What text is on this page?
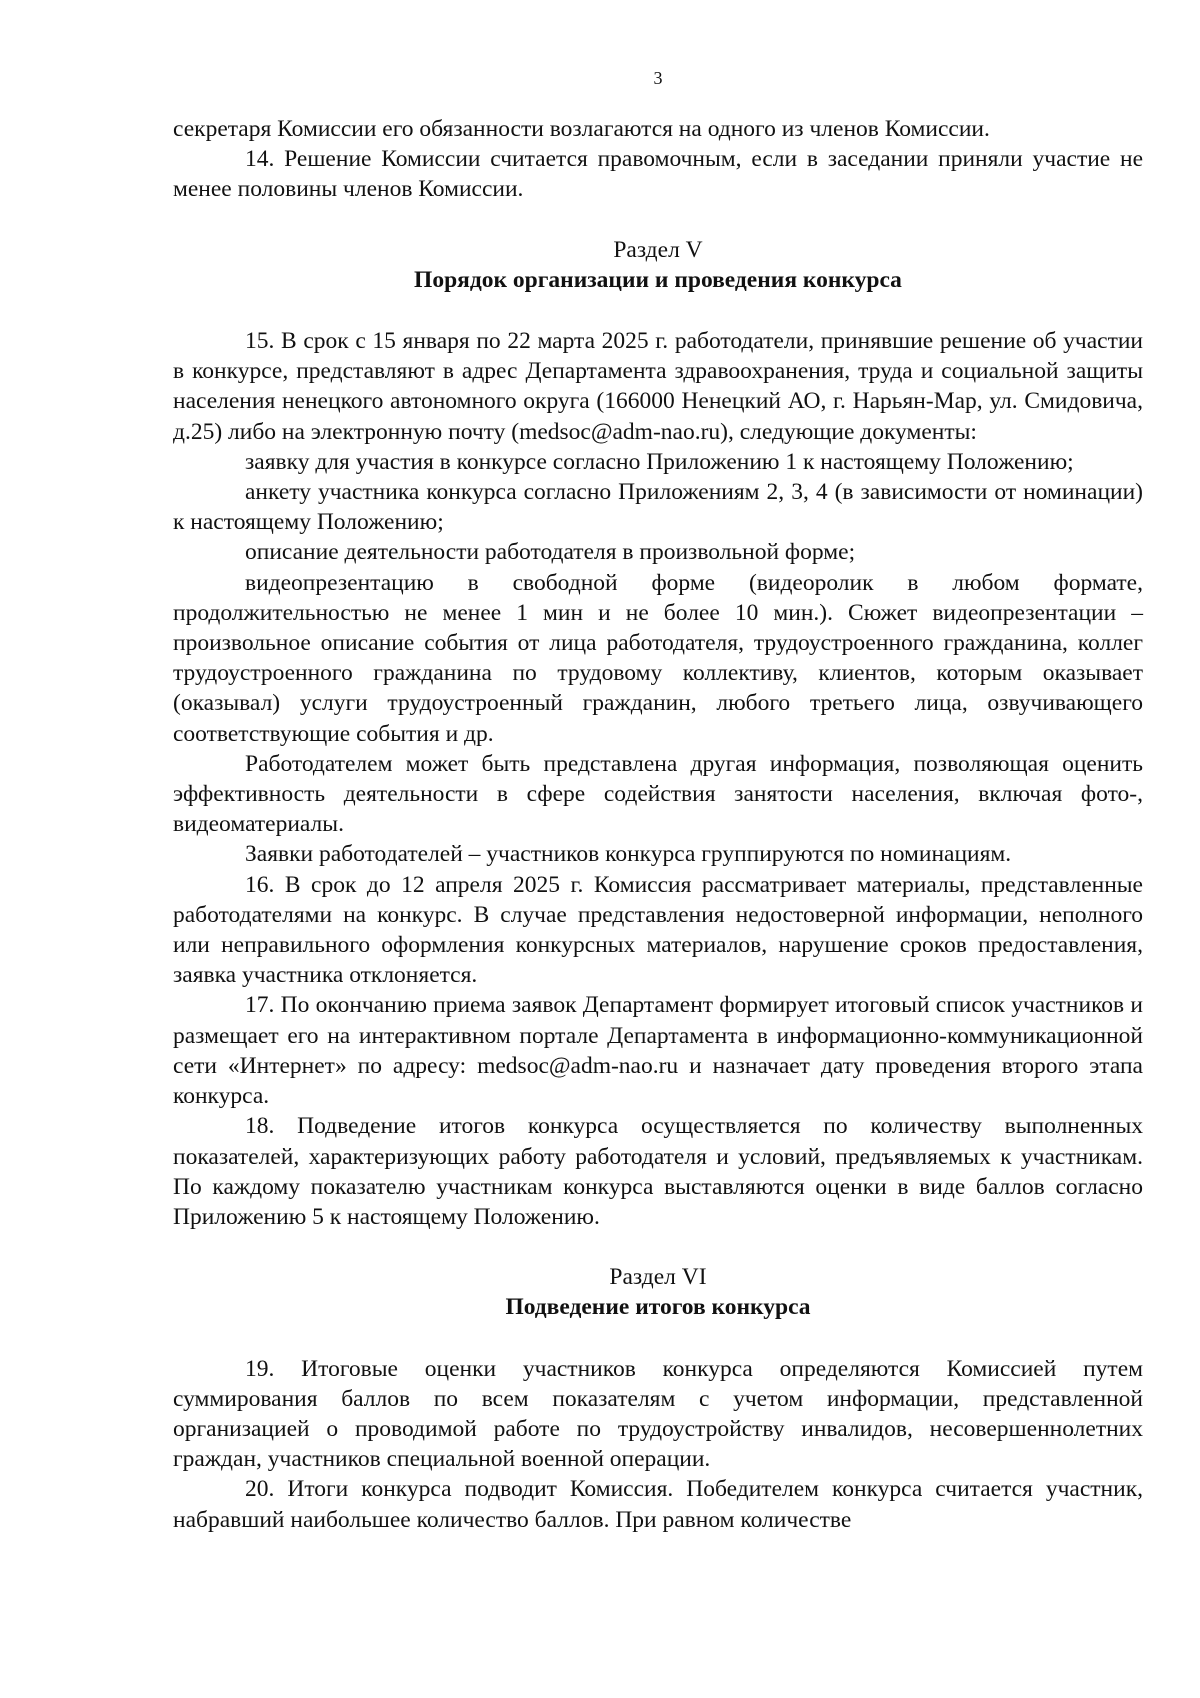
3

секретаря Комиссии его обязанности возлагаются на одного из членов Комиссии.

14. Решение Комиссии считается правомочным, если в заседании приняли участие не менее половины членов Комиссии.

Раздел V

Порядок организации и проведения конкурса

15. В срок с 15 января по 22 марта 2025 г. работодатели, принявшие решение об участии в конкурсе, представляют в адрес Департамента здравоохранения, труда и социальной защиты населения ненецкого автономного округа (166000 Ненецкий АО, г. Нарьян-Мар, ул. Смидовича, д.25) либо на электронную почту (medsoc@adm-nao.ru), следующие документы:

заявку для участия в конкурсе согласно Приложению 1 к настоящему Положению;

анкету участника конкурса согласно Приложениям 2, 3, 4 (в зависимости от номинации) к настоящему Положению;

описание деятельности работодателя в произвольной форме;

видеопрезентацию в свободной форме (видеоролик в любом формате, продолжительностью не менее 1 мин и не более 10 мин.). Сюжет видеопрезентации – произвольное описание события от лица работодателя, трудоустроенного гражданина, коллег трудоустроенного гражданина по трудовому коллективу, клиентов, которым оказывает (оказывал) услуги трудоустроенный гражданин, любого третьего лица, озвучивающего соответствующие события и др.

Работодателем может быть представлена другая информация, позволяющая оценить эффективность деятельности в сфере содействия занятости населения, включая фото-, видеоматериалы.

Заявки работодателей – участников конкурса группируются по номинациям.

16. В срок до 12 апреля 2025 г. Комиссия рассматривает материалы, представленные работодателями на конкурс. В случае представления недостоверной информации, неполного или неправильного оформления конкурсных материалов, нарушение сроков предоставления, заявка участника отклоняется.

17. По окончанию приема заявок Департамент формирует итоговый список участников и размещает его на интерактивном портале Департамента в информационно-коммуникационной сети «Интернет» по адресу: medsoc@adm-nao.ru и назначает дату проведения второго этапа конкурса.

18. Подведение итогов конкурса осуществляется по количеству выполненных показателей, характеризующих работу работодателя и условий, предъявляемых к участникам. По каждому показателю участникам конкурса выставляются оценки в виде баллов согласно Приложению 5 к настоящему Положению.

Раздел VI

Подведение итогов конкурса

19. Итоговые оценки участников конкурса определяются Комиссией путем суммирования баллов по всем показателям с учетом информации, представленной организацией о проводимой работе по трудоустройству инвалидов, несовершеннолетних граждан, участников специальной военной операции.

20. Итоги конкурса подводит Комиссия. Победителем конкурса считается участник, набравший наибольшее количество баллов. При равном количестве
